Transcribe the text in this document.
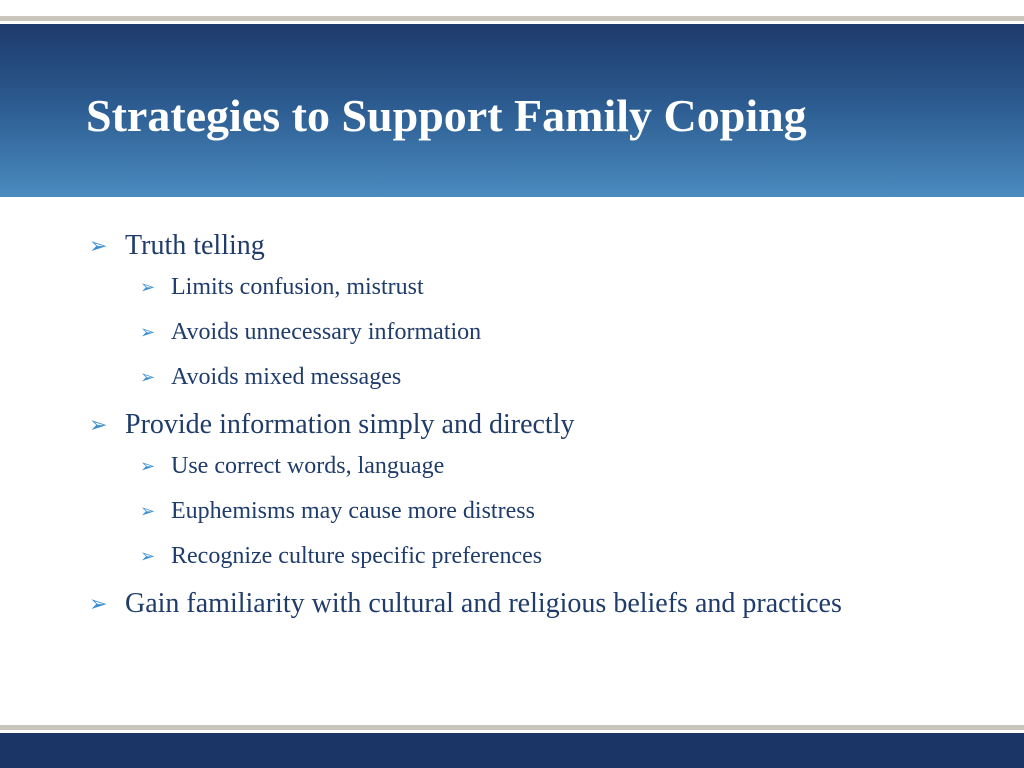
Strategies to Support Family Coping
➢ Truth telling
➢ Limits confusion, mistrust
➢ Avoids unnecessary information
➢ Avoids mixed messages
➢ Provide information simply and directly
➢ Use correct words, language
➢ Euphemisms may cause more distress
➢ Recognize culture specific preferences
➢ Gain familiarity with cultural and religious beliefs and practices
